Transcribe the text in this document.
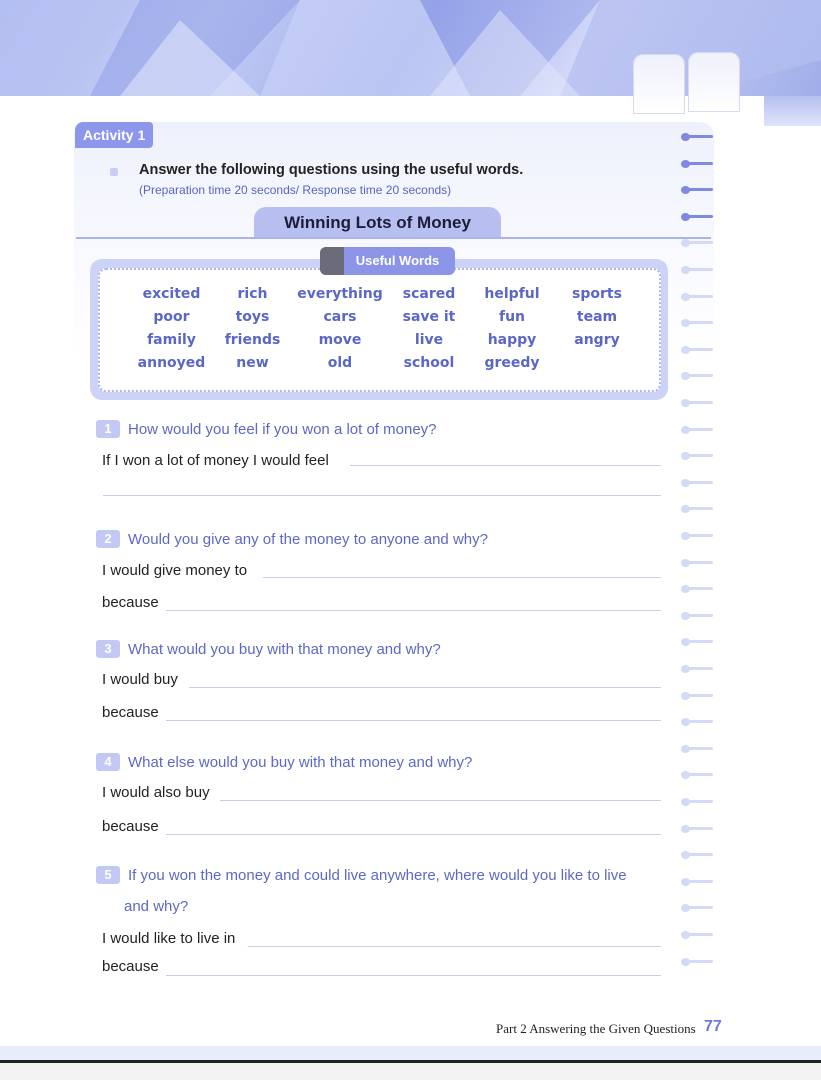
Activity 1
Answer the following questions using the useful words.
(Preparation time 20 seconds/ Response time 20 seconds)
Winning Lots of Money
Useful Words
excited	rich	everything	scared	helpful	sports
poor	toys	cars	save it	fun	team
family	friends	move	live	happy	angry
annoyed	new	old	school	greedy
1 How would you feel if you won a lot of money?
If I won a lot of money I would feel
2 Would you give any of the money to anyone and why?
I would give money to
because
3 What would you buy with that money and why?
I would buy
because
4 What else would you buy with that money and why?
I would also buy
because
5 If you won the money and could live anywhere, where would you like to live
and why?
I would like to live in
because
Part 2 Answering the Given Questions 77
